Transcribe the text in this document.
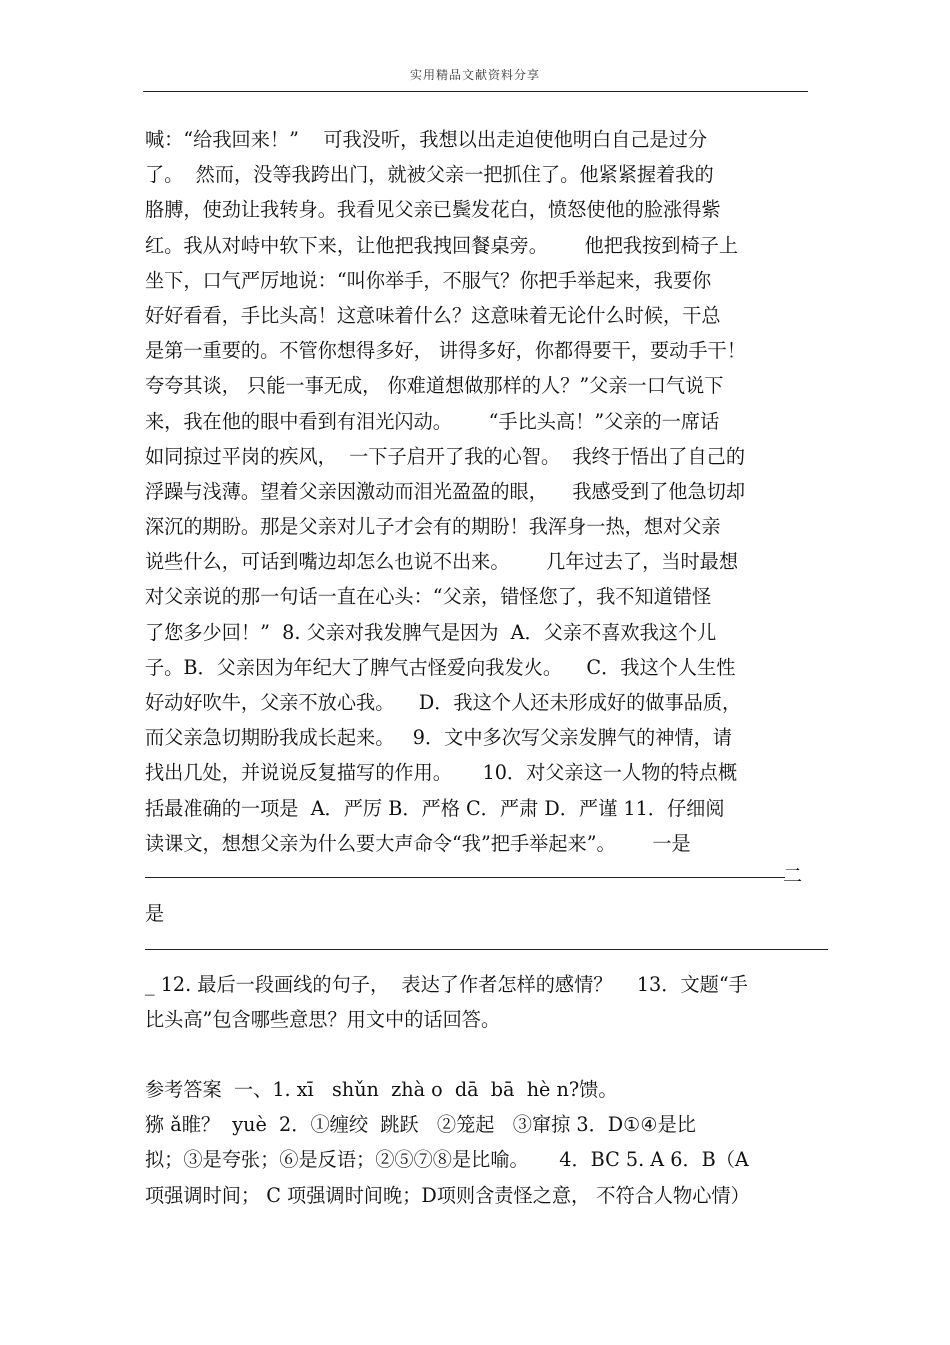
实用精品文献资料分享
喊：“给我回来！”    可我没听，我想以出走迫使他明白自己是过分
了。  然而，没等我跨出门，就被父亲一把抓住了。他紧紧握着我的
胳膊，使劲让我转身。我看见父亲已鬓发花白，愤怒使他的脸涨得紫
红。我从对峙中软下来，让他把我拽回餐桌旁。      他把我按到椅子上
坐下，口气严厉地说：“叫你举手，不服气？你把手举起来，我要你
好好看看，手比头高！这意味着什么？这意味着无论什么时候，干总
是第一重要的。不管你想得多好， 讲得多好，你都得要干，要动手干！
夸夸其谈， 只能一事无成， 你难道想做那样的人？”父亲一口气说下
来，我在他的眼中看到有泪光闪动。      “手比头高！”父亲的一席话
如同掠过平岗的疾风，  一下子启开了我的心智。  我终于悟出了自己的
浮躁与浅薄。望着父亲因激动而泪光盈盈的眼，    我感受到了他急切却
深沉的期盼。那是父亲对儿子才会有的期盼！我浑身一热，想对父亲
说些什么，可话到嘴边却怎么也说不出来。      几年过去了，当时最想
对父亲说的那一句话一直在心头：“父亲，错怪您了，我不知道错怪
了您多少回！”  8. 父亲对我发脾气是因为  A．父亲不喜欢我这个儿
子。B．父亲因为年纪大了脾气古怪爱向我发火。    C．我这个人生性
好动好吹牛，父亲不放心我。    D．我这个人还未形成好的做事品质，
而父亲急切期盼我成长起来。   9．文中多次写父亲发脾气的神情，请
找出几处，并说说反复描写的作用。     10．对父亲这一人物的特点概
括最准确的一项是  A．严厉 B．严格 C．严肃 D．严谨 11．仔细阅
读课文，想想父亲为什么要大声命令“我”把手举起来”。      一是
是
_ 12. 最后一段画线的句子，  表达了作者怎样的感情？    13．文题“手
比头高”包含哪些意思？用文中的话回答。
参考答案  一、1. xī   shǔn  zhà o  dā  bā  hè n?馈。
猕 ǎ睢？  yuè  2．①缠绞  跳跃   ②笼起   ③窜掠 3．D①④是比
拟；③是夸张；⑥是反语；②⑤⑦⑧是比喻。     4．BC 5. A 6．B（A
项强调时间； C 项强调时间晚；D项则含责怪之意， 不符合人物心情）
二
